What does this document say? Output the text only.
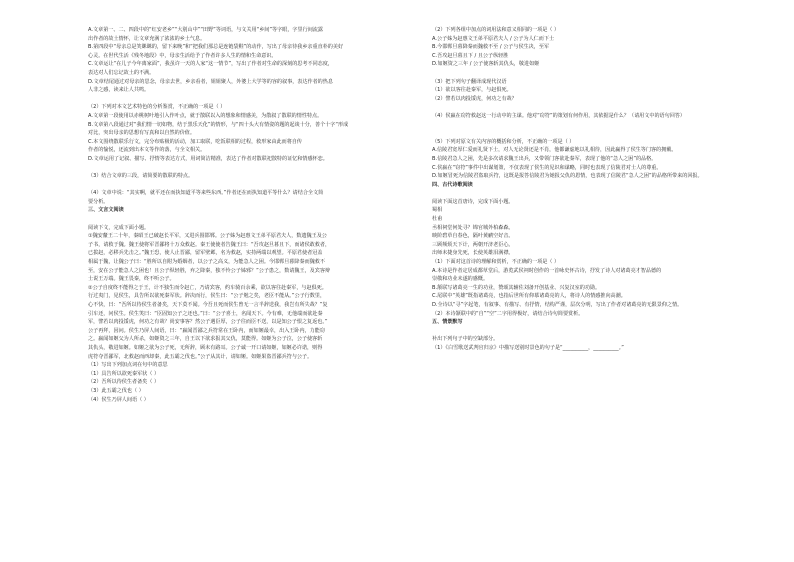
A.文章第一、二、四段中的“红安老乡”“大别山中”“田野”等词语，与文关用“乡间”等字眼，字里行间流露
出作者的故土情怀，让文章充满了浓浓的乡土气息。
B.第四段中“母亲总是笑眯眯的，留下来晚”和“把我们那总是连链袋鞋”的动作，写出了母亲待我乡亲重直朴的美好
心灵。在世代生活《残冬地段》中，母亲生活给予了作者许多人生的情和生命意识。
C.文章运让“在儿子今年离家面”，我虽许一天的人家“这一情节”，写出了作者对生命的深刻的思考不同态度，
表达对人们忘记故土的不满。
D.文章结尾通过对母亲的思念，母亲去世，乡亲看者，姐姐聚人，外婆上大学等的容的叙事，表达作者的热息
人非之感，读来让人共鸣。
（2）下列对本文艺术特色的分析鉴赏，不正确的一项是（ ）
A.文章第一段使用以赤桃树叶地引入作叶点，就于散联以入的想象和情感美，为散叙了散联的情性特点。
B.文章第八段通过对“我们情一切如物，结于黑乐天化”的情形，与“四十头大有情姿的题的起谈十分，善个十字“形成
对比，突出母亲的思想有写真和以自然的价值。
C.本文围绕散联乐行文，完分布贴极的活动，加工取联，吃饭联相的过程，救形家由此而将自传
作者的愉悦，还流到出本文等作的落，与全文相关。
D.文章运用了记叙、描写、抒情等表达方式，用词简洁精准，表达了作者对散联祀散特的证忆和情感怀恋。
（3）结合文章的三段，请简要的散联的特点。
（4）文章中说：“其实啊，就平还在而执知道平等来些东西。”作者还在而执知道平等什么？请结合全文简
要分析。
三、文言文阅读
阅读下文，完成下面小题。
①魏安釐王二十年，秦昭王已破赵长平军，又进兵围邯郸。公子姊为赵惠文王弟平原君夫人，数遗魏王及公
子书，请救于魏。魏王使将军晋鄙将十万众救赵。秦王使使者告魏王曰：“吾攻赵旦暮且下，而诸侯敢救者，
已拔赵，必移兵先击之。”魏王恐，使人止晋鄙，留军壁邺，名为救赵，实持两端以观望。平原君使者冠盖
相属于魏，让魏公子曰：“胜所以自附为婚姻者，以公子之高义，为能急人之困。今邯郸旦暮降秦而魏救不
至，安在公子能急人之困也！且公子纵轻胜，弃之降秦，独不怜公子姊邪？”公子患之，数请魏王，及宾客辩
士说王万端。魏王畏秦，终不听公子。
②公子自度终不能得之于王，计不独生而令赵亡，乃请宾客，约车骑百余乘，欲以客往赴秦军，与赵俱死。
行过夷门，见侯生，具告所以欲死秦军状。辞决而行，侯生曰：“公子勉之矣，老臣不能从。”公子行数里，
心不快，曰：“吾所以待侯生者备矣，天下莫不闻。今吾且死而侯生曾无一言半辞送我，我岂有所失哉？”复
引车还，问侯生。侯生笑曰：“臣固知公子之还也。”曰：“公子喜士，名闻天下。今有难，无他端而欲赴秦
军，譬若以肉投馁虎，何功之有哉？尚安事客？然公子遇臣厚，公子往而臣不送，以是知公子恨之复返也。”
公子再拜，因问。侯生乃屏人间语，曰：“嬴闻晋鄙之兵符常在王卧内，而如姬最幸，出入王卧内，力能窃
之。嬴闻如姬父为人所杀，如姬资之三年，自王以下欲求报其父仇，莫能得。如姬为公子泣，公子使客斩
其仇头，敬进如姬。如姬之欲为公子死，无所辞，顾未有路耳。公子诚一开口请如姬，如姬必许诺，则得
虎符夺晋鄙军，北救赵而西却秦，此五霸之伐也。”公子从其计，请如姬。如姬果盗晋鄙兵符与公子。
（1）写出下列加点词在句中的意思
（1）具告所以欲死秦军状（ ）
（2）吾所以待侯生者备矣（ ）
（3）此五霸之伐也（ ）
（4）侯生乃屏人间语（ ）
（2）下列各组中加点的词用法和意义相同的一项是（ ）
A.公子姊为赵惠文王弟平原君夫人 / 公子为人仁而下士
B.今邯郸旦暮降秦而魏救不至 / 公子与侯生决，至军
C.吾攻赵旦暮且下 / 且公子纵轻胜
D.如姬资之三年 / 公子使客斩其仇头，敬进如姬
（3）把下列句子翻译成现代汉语
（1）欲以客往赴秦军，与赵俱死。
（2）譬若以肉投馁虎，何功之有哉？
（4）侯嬴在窃符救赵这一行动中的主谋。他对“窃符”的策划有何作用，其依据是什么？（请用文中的语句回答）
（5）下列对原文有关内容的概括和分析，不正确的一项是（ ）
A.信陵君宽厚仁爱而礼贤下士，对人无论贤还是不肖，他都谦虚地以礼相待，因此赢得了侯生等门客的拥戴。
B.信陵君急人之困，先是多次请求魏王出兵，又带领门客欲赴秦军，表现了他的“急人之困”的品格。
C.侯嬴在“窃符”事件中出谋划策，不仅表现了侯生的见识和谋略，同时也表现了信陵君对士人的尊重。
D.如姬冒死为信陵君盗取兵符，这既是报答信陵君为她报父仇的恩情，也表现了信陵君“急人之困”的品格所带来的回报。
四、古代诗歌阅读
阅读下面这首唐诗，完成下面小题。
蜀相
杜甫
丞相祠堂何处寻？锦官城外柏森森。
映阶碧草自春色，隔叶黄鹂空好音。
三顾频烦天下计，两朝开济老臣心。
出师未捷身先死，长使英雄泪满襟。
（1）下面对这首诗的理解和赏析，不正确的一项是（ ）
A.本诗是作者定居成都草堂后，游览武侯祠时创作的一首咏史怀古诗，抒发了诗人对诸葛亮才智品德的
崇敬和功业未遂的感慨。
B.颔联写诸葛亮一生的功业，赞颂其辅佐刘备开创基业、兴复汉室的功勋。
C.尾联中“英雄”既指诸葛亮，也指后世所有仰慕诸葛亮的人，将诗人的情感推向高潮。
D.全诗以“寻”字起笔，有叙事、有描写、有抒情，结构严谨，层次分明，写出了作者对诸葛亮的无限景仰之情。
（2）本诗颔联中的“自”“空”二字用得极好，请结合诗句简要赏析。
五、情景默写
补出下列句子中的空缺部分。
（1）《白雪歌送武判官归京》中描写送别时景色的句子是“__________，__________。”
